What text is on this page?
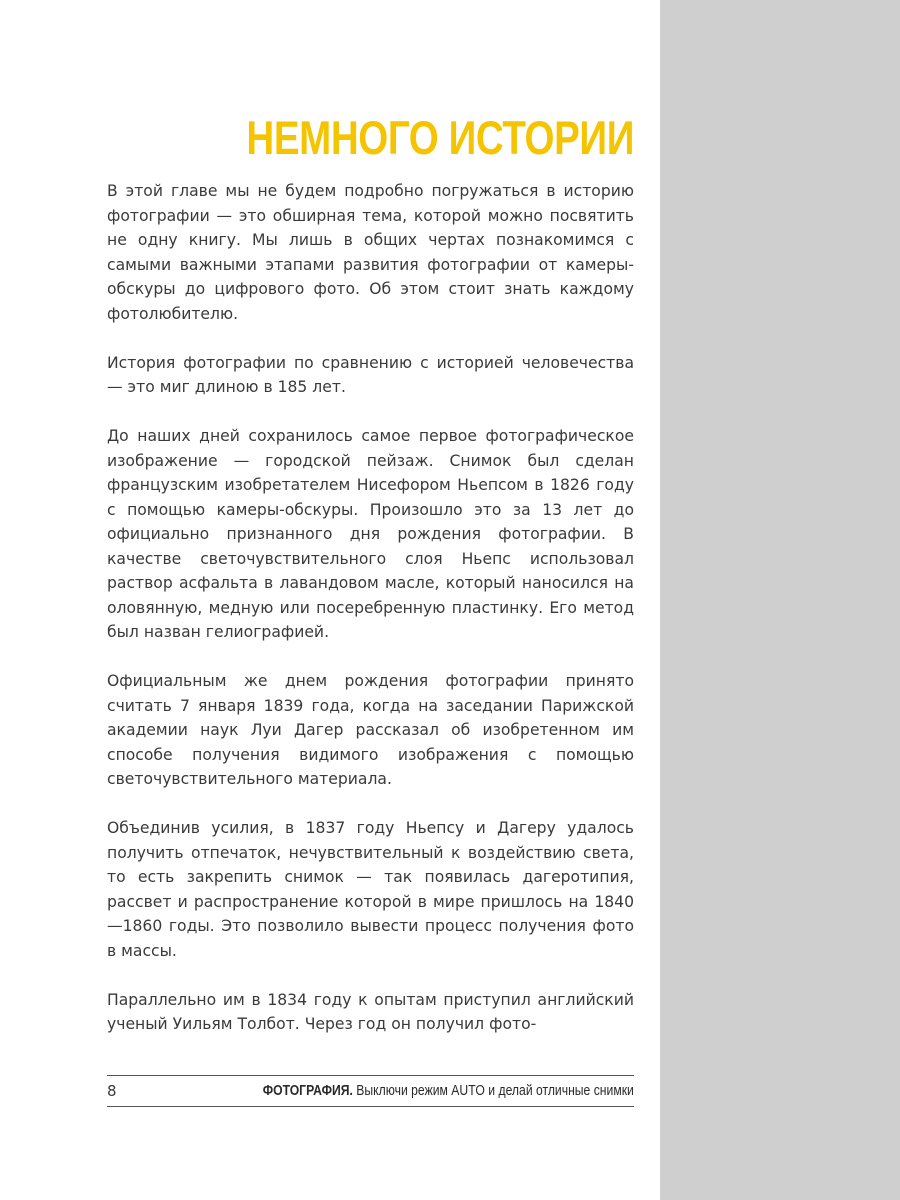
НЕМНОГО ИСТОРИИ

В этой главе мы не будем подробно погружаться в историю фотографии — это обширная тема, которой можно посвятить не одну книгу. Мы лишь в общих чертах познакомимся с самыми важными этапами развития фотографии от камеры-обскуры до цифрового фото. Об этом стоит знать каждому фотолюбителю.

История фотографии по сравнению с историей человечества — это миг длиною в 185 лет.

До наших дней сохранилось самое первое фотографическое изображение — городской пейзаж. Снимок был сделан французским изобретателем Нисефором Ньепсом в 1826 году с помощью камеры-обскуры. Произошло это за 13 лет до официально признанного дня рождения фотографии. В качестве светочувствительного слоя Ньепс использовал раствор асфальта в лавандовом масле, который наносился на оловянную, медную или посеребренную пластинку. Его метод был назван гелиографией.

Официальным же днем рождения фотографии принято считать 7 января 1839 года, когда на заседании Парижской академии наук Луи Дагер рассказал об изобретенном им способе получения видимого изображения с помощью светочувствительного материала.

Объединив усилия, в 1837 году Ньепсу и Дагеру удалось получить отпечаток, нечувствительный к воздействию света, то есть закрепить снимок — так появилась дагеротипия, рассвет и распространение которой в мире пришлось на 1840—1860 годы. Это позволило вывести процесс получения фото в массы.

Параллельно им в 1834 году к опытам приступил английский ученый Уильям Толбот. Через год он получил фото-

8	ФОТОГРАФИЯ. Выключи режим AUTO и делай отличные снимки
